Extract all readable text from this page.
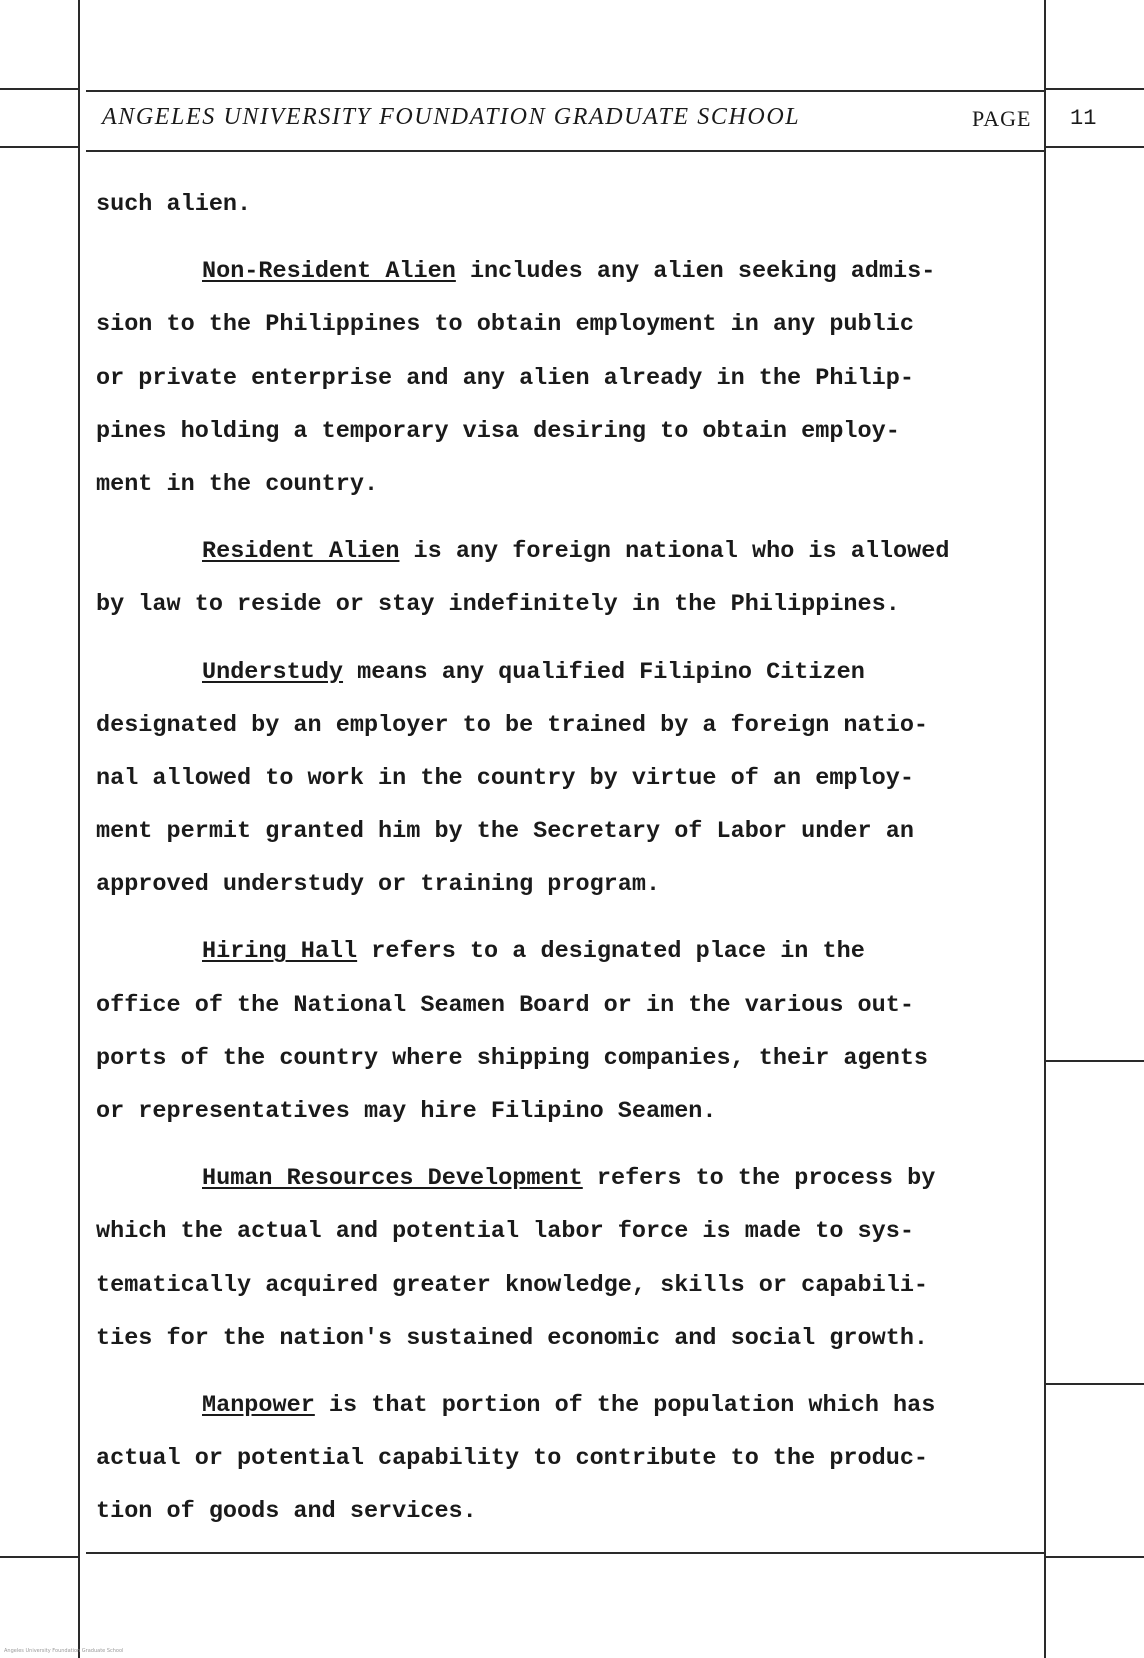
ANGELES UNIVERSITY FOUNDATION GRADUATE SCHOOL	PAGE 11
such alien.
Non-Resident Alien includes any alien seeking admis-
sion to the Philippines to obtain employment in any public
or private enterprise and any alien already in the Philip-
pines holding a temporary visa desiring to obtain employ-
ment in the country.
Resident Alien is any foreign national who is allowed
by law to reside or stay indefinitely in the Philippines.
Understudy means any qualified Filipino Citizen
designated by an employer to be trained by a foreign natio-
nal allowed to work in the country by virtue of an employ-
ment permit granted him by the Secretary of Labor under an
approved understudy or training program.
Hiring Hall refers to a designated place in the
office of the National Seamen Board or in the various out-
ports of the country where shipping companies, their agents
or representatives may hire Filipino Seamen.
Human Resources Development refers to the process by
which the actual and potential labor force is made to sys-
tematically acquired greater knowledge, skills or capabili-
ties for the nation's sustained economic and social growth.
Manpower is that portion of the population which has
actual or potential capability to contribute to the produc-
tion of goods and services.
Angeles University Foundation Graduate School
